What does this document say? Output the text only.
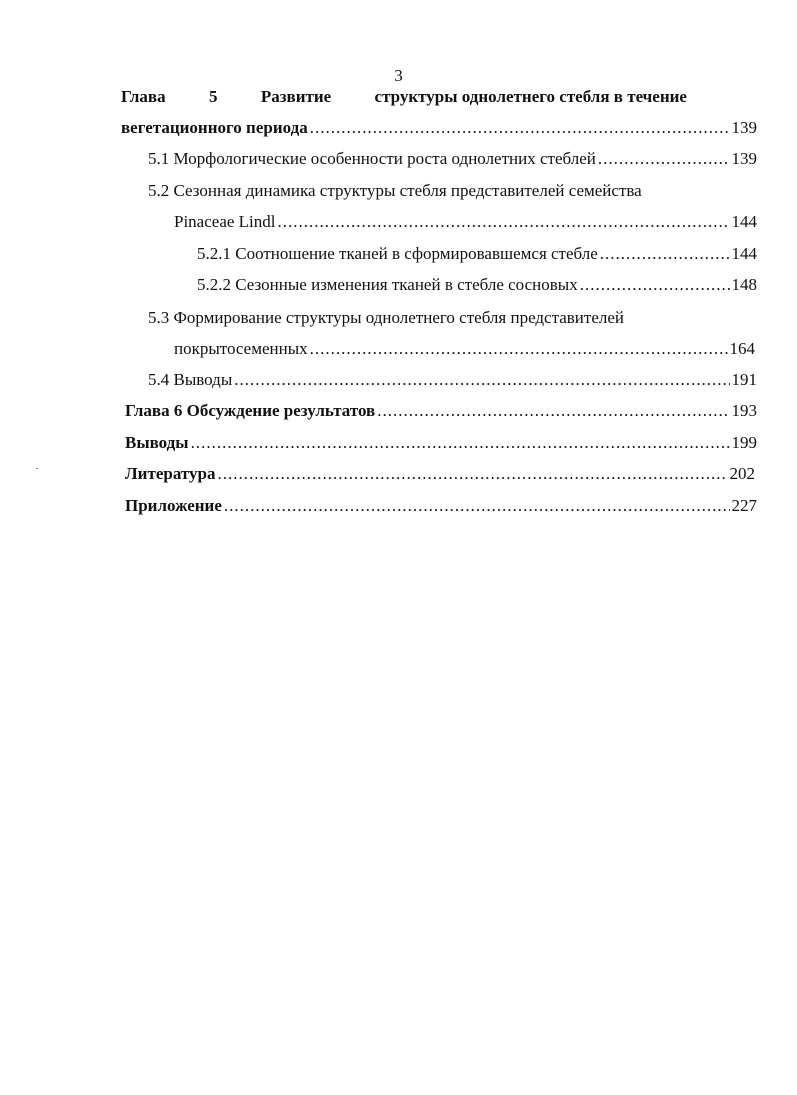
3
Глава	5	Развитие	структуры однолетнего стебля в течение
вегетационного периода .....	139
5.1 Морфологические особенности роста однолетних стеблей .....	139
5.2 Сезонная динамика структуры стебля представителей семейства
Pinaceae Lindl .....	144
5.2.1 Соотношение тканей в сформировавшемся стебле .....	144
5.2.2 Сезонные изменения тканей в стебле сосновых .....	148
5.3 Формирование структуры однолетнего стебля представителей
покрытосеменных .....	164
5.4 Выводы .....	191
Глава 6 Обсуждение результатов .....	193
Выводы .....	199
Литература .....	202
Приложение .....	227
